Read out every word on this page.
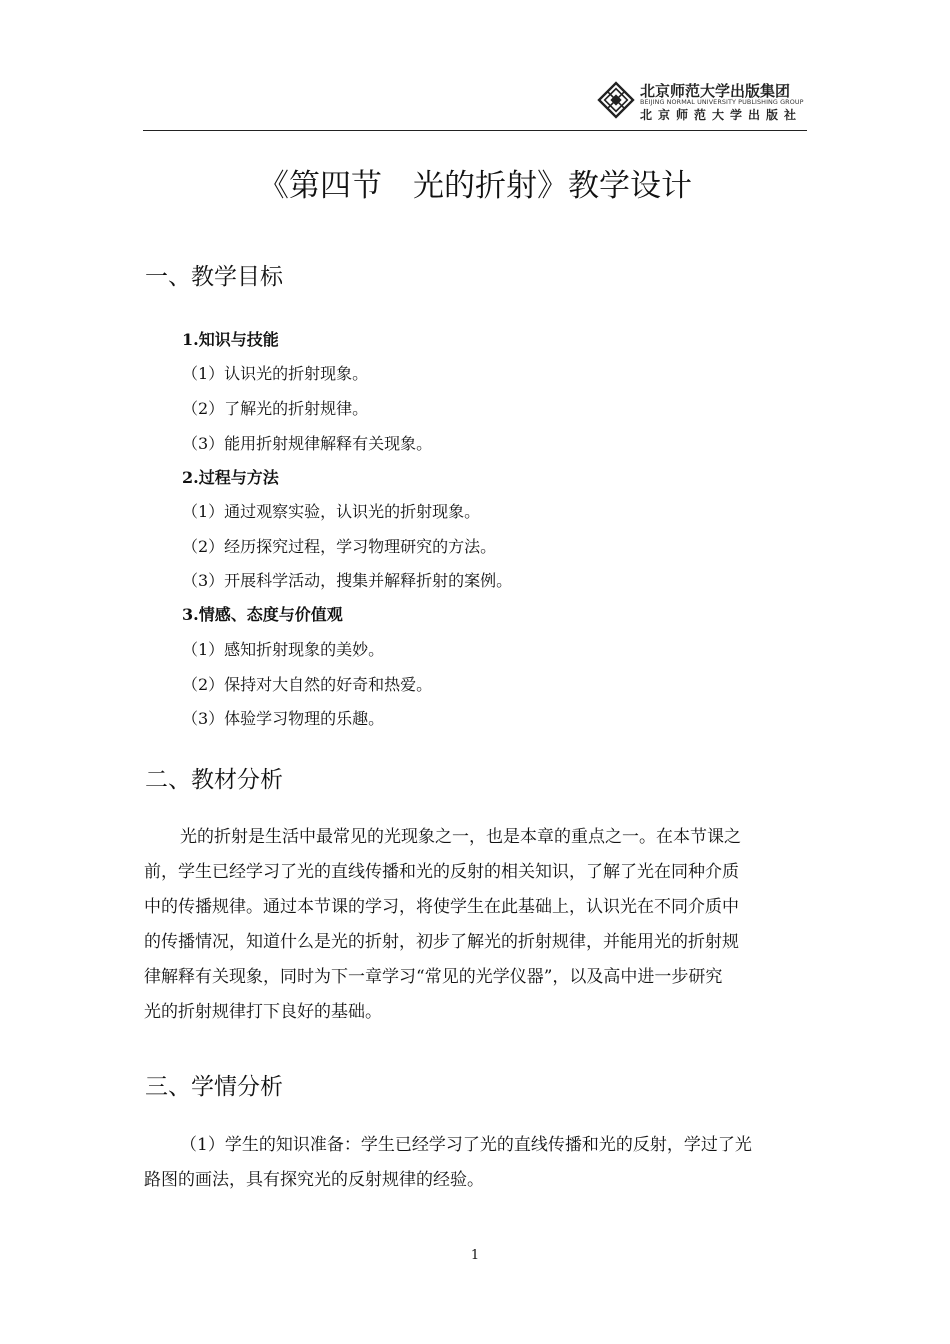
北京师范大学出版集团
BEIJING NORMAL UNIVERSITY PUBLISHING GROUP
北京师范大学出版社
《第四节　光的折射》教学设计
一、教学目标
1.知识与技能
（1）认识光的折射现象。
（2）了解光的折射规律。
（3）能用折射规律解释有关现象。
2.过程与方法
（1）通过观察实验，认识光的折射现象。
（2）经历探究过程，学习物理研究的方法。
（3）开展科学活动，搜集并解释折射的案例。
3.情感、态度与价值观
（1）感知折射现象的美妙。
（2）保持对大自然的好奇和热爱。
（3）体验学习物理的乐趣。
二、教材分析
光的折射是生活中最常见的光现象之一，也是本章的重点之一。在本节课之
前，学生已经学习了光的直线传播和光的反射的相关知识，了解了光在同种介质
中的传播规律。通过本节课的学习，将使学生在此基础上，认识光在不同介质中
的传播情况，知道什么是光的折射，初步了解光的折射规律，并能用光的折射规
律解释有关现象，同时为下一章学习“常见的光学仪器”，以及高中进一步研究
光的折射规律打下良好的基础。
三、学情分析
（1）学生的知识准备：学生已经学习了光的直线传播和光的反射，学过了光
路图的画法，具有探究光的反射规律的经验。
1
